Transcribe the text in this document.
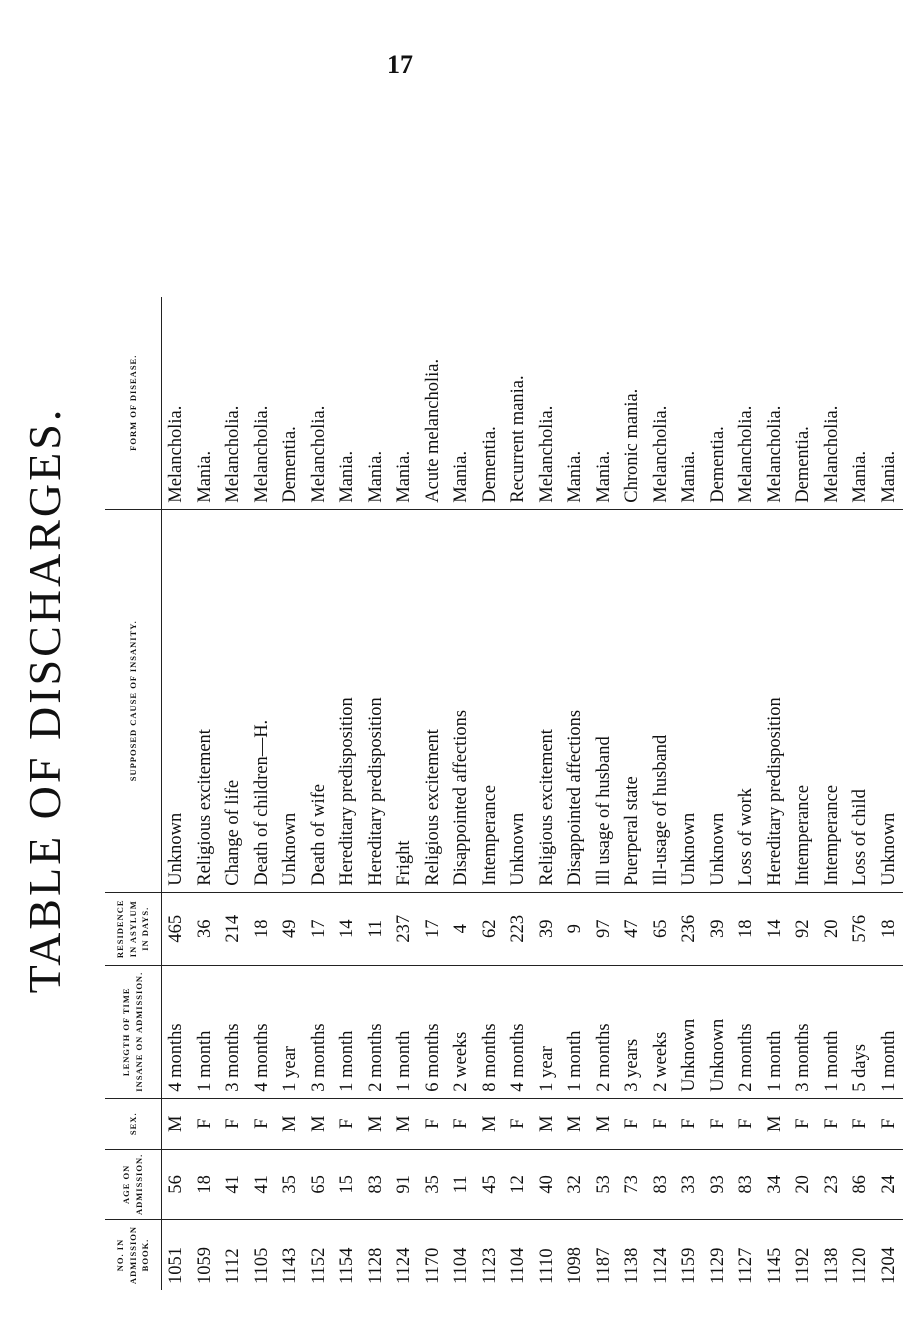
17
TABLE OF DISCHARGES.
NO. IN ADMISSION BOOK.	AGE ON ADMISSION.	SEX.	LENGTH OF TIME INSANE ON ADMISSION.	RESIDENCE IN ASYLUM IN DAYS.	SUPPOSED CAUSE OF INSANITY.	FORM OF DISEASE.
1051	56	M	4 months	465	Unknown	Melancholia.
1059	18	F	1 month	36	Religious excitement	Mania.
1112	41	F	3 months	214	Change of life	Melancholia.
1105	41	F	4 months	18	Death of children—H.	Melancholia.
1143	35	M	1 year	49	Unknown	Dementia.
1152	65	M	3 months	17	Death of wife	Melancholia.
1154	15	F	1 month	14	Hereditary predisposition	Mania.
1128	83	M	2 months	11	Hereditary predisposition	Mania.
1124	91	M	1 month	237	Fright	Mania.
1170	35	F	6 months	17	Religious excitement	Acute melancholia.
1104	11	F	2 weeks	4	Disappointed affections	Mania.
1123	45	M	8 months	62	Intemperance	Dementia.
1104	12	F	4 months	223	Unknown	Recurrent mania.
1110	40	M	1 year	39	Religious excitement	Melancholia.
1098	32	M	1 month	9	Disappointed affections	Mania.
1187	53	M	2 months	97	Ill usage of husband	Mania.
1138	73	F	3 years	47	Puerperal state	Chronic mania.
1124	83	F	2 weeks	65	Ill-usage of husband	Melancholia.
1159	33	F	Unknown	236	Unknown	Mania.
1129	93	F	Unknown	39	Unknown	Dementia.
1127	83	F	2 months	18	Loss of work	Melancholia.
1145	34	M	1 month	14	Hereditary predisposition	Melancholia.
1192	20	F	3 months	92	Intemperance	Dementia.
1138	23	F	1 month	20	Intemperance	Melancholia.
1120	86	F	5 days	576	Loss of child	Mania.
1204	24	F	1 month	18	Unknown	Mania.
